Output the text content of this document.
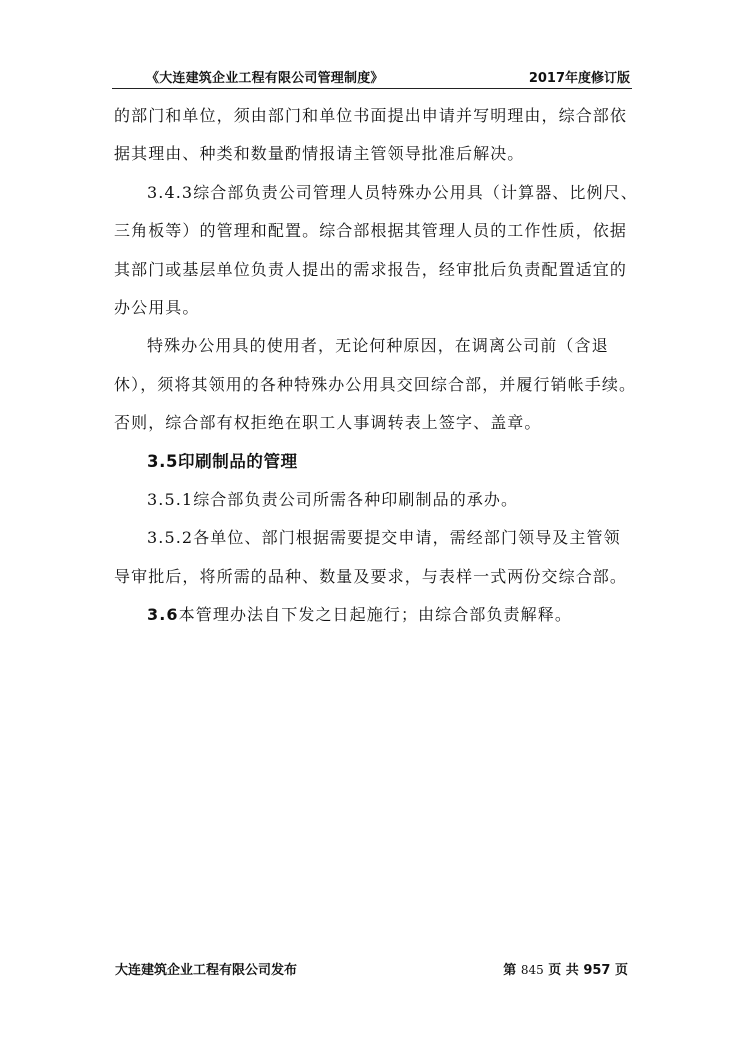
《大连建筑企业工程有限公司管理制度》	2017年度修订版
的部门和单位，须由部门和单位书面提出申请并写明理由，综合部依
据其理由、种类和数量酌情报请主管领导批准后解决。
3.4.3综合部负责公司管理人员特殊办公用具（计算器、比例尺、
三角板等）的管理和配置。综合部根据其管理人员的工作性质，依据
其部门或基层单位负责人提出的需求报告，经审批后负责配置适宜的
办公用具。
特殊办公用具的使用者，无论何种原因，在调离公司前（含退
休），须将其领用的各种特殊办公用具交回综合部，并履行销帐手续。
否则，综合部有权拒绝在职工人事调转表上签字、盖章。
3.5印刷制品的管理
3.5.1综合部负责公司所需各种印刷制品的承办。
3.5.2各单位、部门根据需要提交申请，需经部门领导及主管领
导审批后，将所需的品种、数量及要求，与表样一式两份交综合部。
3.6本管理办法自下发之日起施行；由综合部负责解释。
大连建筑企业工程有限公司发布	第 845 页 共 957 页
